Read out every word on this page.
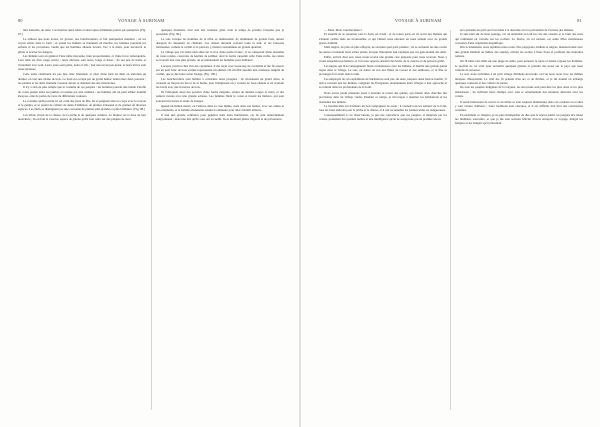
80	VOYAGE À SURINAM

mes naturelle, de teste, à se montrer aussi telles et aussi aptes d'éléments portés par quelqu'un. (Fig. 97.)

Le tableau que nous avons, ici gravée, des bonchevaliers, et fait quelquefois mention ; on les voyait entrer dans la forêt ; et quand les Indiens se mettaient en marche, les femmes portaient les enfants et les provisions, tandis que les hommes allaient devant, l'arc à la main, pour découvrir le gibier et écarter les dangers.

Les Indiens sont en général d'une taille moyenne, bien proportionnés, et d'une force remarquable. Leur teint est d'un rouge cuivré ; leurs cheveux sont noirs, longs et lisses ; ils ont peu de barbe et l'arrachent avec soin. Leurs yeux sont petits, noirs et vifs ; leur nez est un peu épaté, et leurs lèvres sont assez épaisses.

Cette autre cérémonie n'a pas lieu chez l'intérieur, et chez d'une bien tel désir en entretien un dernier, on voit une chaise de bois. Le fond est occupé par un grand hamac tendu entre deux poteaux ; les parents et les amis viennent s'asseoir autour et chantent des airs monotones.

Il n'y a rien de plus simple que le costume de ces peuples : les hommes portent une bande d'étoffe de coton passée entre les jambes et retenue par une ceinture ; les femmes ont un petit tablier nommé kweyou, orné de perles de verre de différentes couleurs.

Le costume qu'ils portent ici est celui des jours de fête. Ils se peignent alors le corps avec le roucou et le genipa, et se parent de colliers de dents d'animaux, de plumes d'oiseaux et de graines de diverses espèces. Les chefs se distinguent par une couronne de plumes plus grandes et plus brillantes. (Fig. 98.)

Ces tribus vivent de la chasse, de la pêche et de quelques cultures. Le manioc est la base de leur nourriture ; ils en font la cassave, espèce de galette qu'ils font cuire sur des plaques de terre.

quelques moments, avec une très curieuse, grise avait le temps de prendre l'exquise que je possédais. (Fig. 99.)

Le soir, lorsque les hommes de la tribu se réunissaient, ils allumaient de grands feux, autour desquels ils dansaient en chantant. Ces danses duraient souvent toute la nuit, et les boissons fermentées, comme le cachiri et le paiwari, y étaient consommées en grande quantité.

Le village que j'ai visité était situé sur la rive d'une petite rivière ; il se composait d'une douzaine de cases rondes, couvertes de feuilles de palmier, dont la forme rappelait celle d'une ruche. Au centre se trouvait une case plus grande, où se réunissaient les hommes pour délibérer.

Lorsque j'arrivai chez l'un des capitaines, il me reçut avec beaucoup de cordialité et me fit asseoir sur un petit banc de bois sculpté représentant un animal. On m'offrit aussitôt une calebasse remplie de cachiri, que je dus boire selon l'usage. (Fig. 100.)

Les bonchevaliers sont habiles à construire leurs pirogues : ils choisissent un grand arbre, le creusent au moyen du feu et de la hache, puis l'élargissent en y versant de l'eau chaude et en écartant les bords avec des traverses de bois.

Ils fabriquent aussi des poteries d'une forme élégante, ornées de dessins rouges et noirs, et des paniers tressés avec une grande adresse. Les femmes filent le coton et tissent les hamacs, qui sont souvent très beaux et ornés de franges.

Quand un Indien meurt, on l'enterre dans sa case même, assis dans son hamac, avec ses armes et ses ornements, et la famille abandonne ensuite la demeure pour aller s'établir ailleurs.

Il faut une grande confiance pour pénétrer dans leurs habitations, car ils sont naturellement soupçonneux ; mais une fois qu'ils vous ont accueilli, ils se montrent pleins d'égards et de prévenance.

VOYAGE À SURINAM	81

— Mais, Mais, bonchevaliers !

Et aussitôt de se retourner vers la forêt, en criant : et de toutes parts on vit sortir des Indiens qui s'étaient cachés dans les broussailles, et qui vinrent nous entourer en nous saluant avec de grands gestes d'amitié.

Mais nègres, de plus en plus effrayés, ne savaient quel parti prendre ; ils se serraient les uns contre les autres et tenaient leurs armes prêtes, lorsque l'interprète leur expliqua que ces gens étaient des amis.

Enfin, arrivés chez eux, nous avons trouvé une grande case préparée pour nous recevoir. Nous y avons suspendu nos hamacs, et l'on nous apporta aussitôt des fruits, de la cassave et du poisson grillé.

Les nègres qui m'accompagnaient firent connaissance avec les Indiens, et bientôt une grande gaieté régna dans le village. Le soir, on dansa au son des flûtes de roseau et des tambours, et la fête se prolongea fort avant dans la nuit.

Les employés de ces expéditions du Surinam ne sont pas, du reste, toujours aussi bien accueillis ; il arrive souvent que les Indiens, craignant les Européens, abandonnent leurs villages à leur approche et se retirent dans les profondeurs de la forêt.

Nous avons perdu plusieurs jours à attendre le retour des guides, qui étaient allés chercher des provisions dans un village voisin. Pendant ce temps, je m'occupai à dessiner les habitations et les ustensiles des Indiens.

Le bonchevalier est d'ailleurs un bon compagnon de route : il connaît tous les sentiers de la forêt, tous les bons endroits pour la pêche et la chasse, et il sait reconnaître les plantes utiles ou dangereuses.

Conséquemment à ces observations, je pus me convaincre que ces peuples, si méprisés par les colons, possèdent des qualités réelles et une intelligence qu'on ne soupçonne pas au premier abord.

lacs présente un qu'il sera favorable à la descente où à la prévention de l'arrivée des Indiens.

Je suis bien sûr de mon passage, car on entendait au loin les cris des oiseaux et le bruit des eaux qui tombaient en cascade sur les rochers. Le fleuve, en cet endroit, est semé d'îles nombreuses couvertes d'une végétation magnifique.

Dès le lendemain, nous reprîmes notre route. Nos pagayeurs, Indiens et nègres, manœuvraient avec une grande habileté au milieu des rapides, évitant les roches à fleur d'eau et profitant des moindres remous.

On fit halte vers midi sur une plage de sable, pour préparer le repas et laisser reposer les hommes. Je profitai de cet arrêt pour recueillir quelques plantes et prendre des notes sur le pays que nous venions de traverser.

Le soir, nous arrivâmes à un petit village d'Indiens Arrowaks, où l'on nous reçut avec les mêmes marques d'hospitalité. Le chef me fit présent d'un arc et de flèches, et je lui donnai en échange quelques couteaux et des colliers de perles.

De tous les peuples indigènes de la Guyane, les Arrowaks sont peut-être les plus doux et les plus industrieux ; ils cultivent leurs champs avec soin et entretiennent des relations amicales avec les colons.

Il serait intéressant de savoir si ces tribus se sont toujours maintenues dans ces contrées ou si elles y sont venues d'ailleurs ; leurs traditions sont obscures, et il est difficile d'en tirer des conclusions certaines.

En terminant ce chapitre, je ne puis m'empêcher de dire que le séjour parmi ces peuples m'a laissé les meilleurs souvenirs, et que je me suis souvent félicité d'avoir entrepris ce voyage, malgré les fatigues et les dangers qu'il présentait.
